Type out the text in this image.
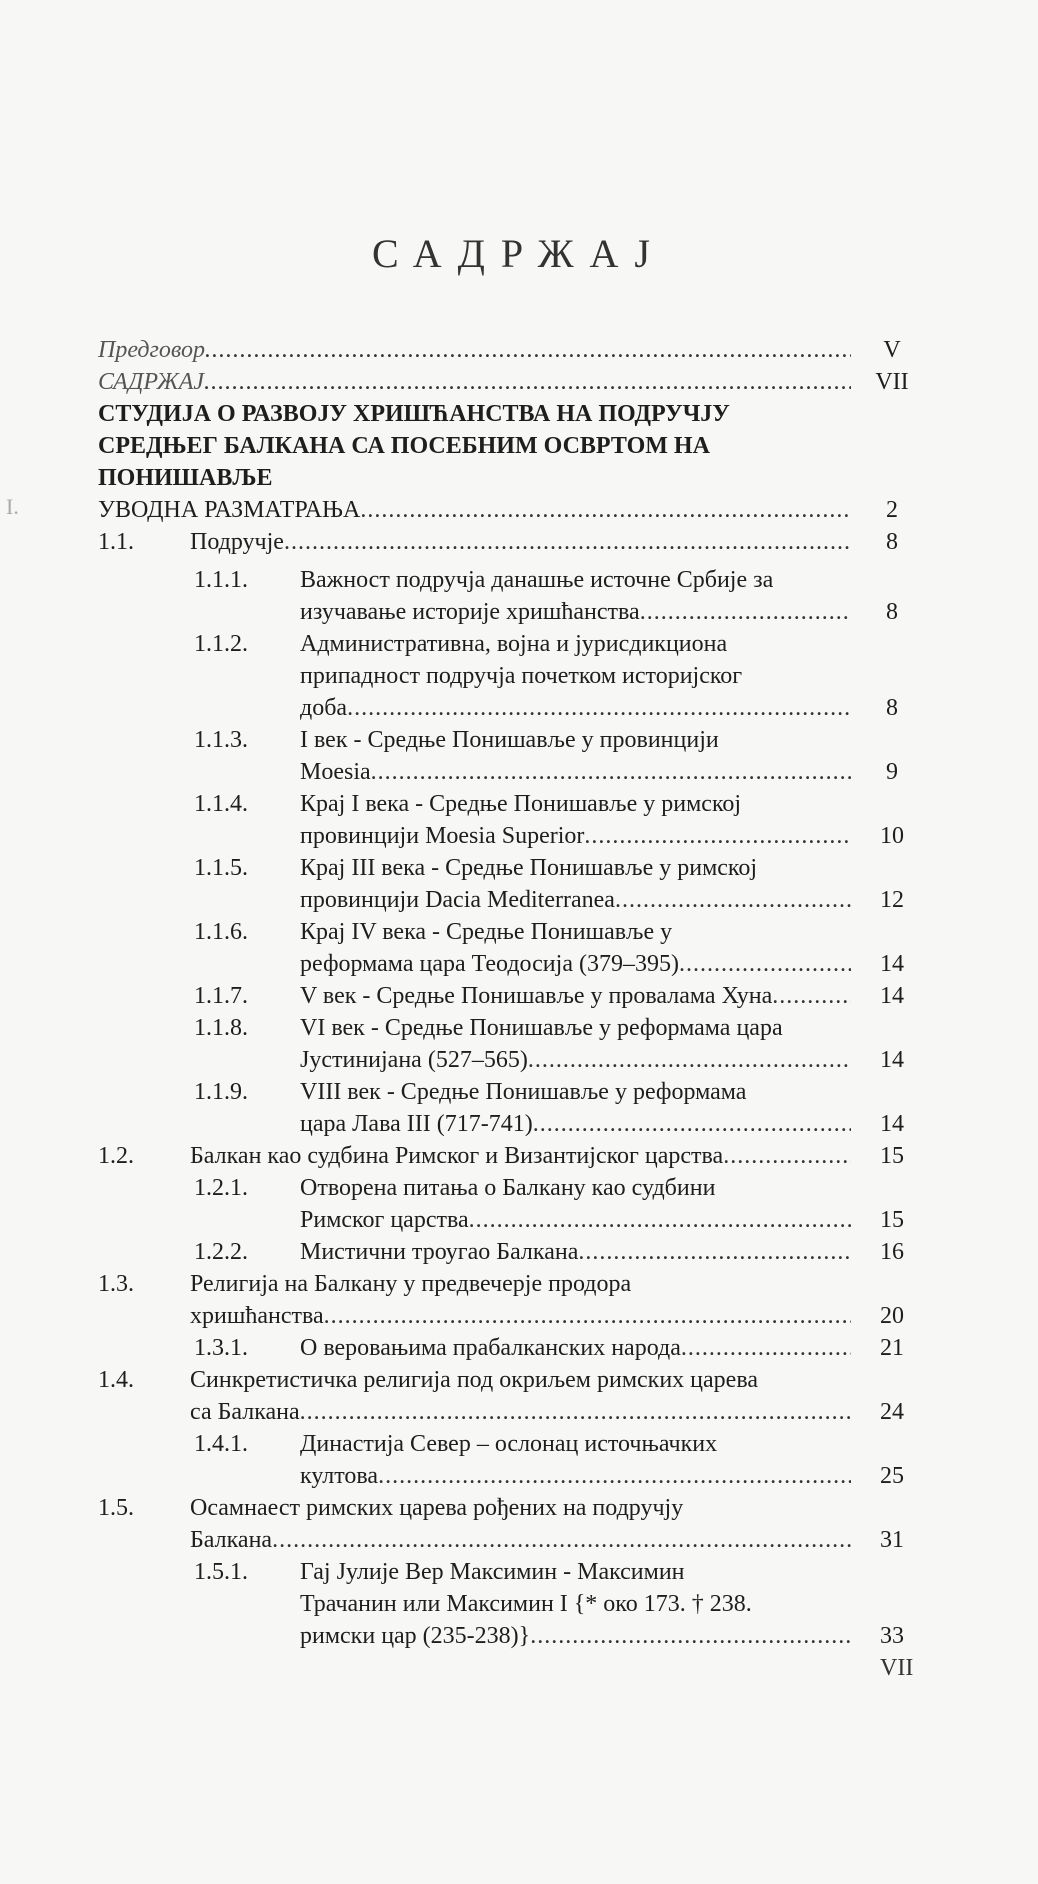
САДРЖАЈ
I.
Предговор .....	V
САДРЖАЈ .....	VII
СТУДИЈА О РАЗВОЈУ ХРИШЋАНСТВА НА ПОДРУЧЈУ
СРЕДЊЕГ БАЛКАНА СА ПОСЕБНИМ ОСВРТОМ НА
ПОНИШАВЉЕ
УВОДНА РАЗМАТРАЊА .....	2
1.1. Подручје .....	8
1.1.1. Важност подручја данашње источне Србије за
изучавање историје хришћанства .....	8
1.1.2. Административна, војна и јурисдикциона
припадност подручја почетком историјског
доба .....	8
1.1.3. I век - Средње Понишавље у провинцији
Moesia .....	9
1.1.4. Крај I века - Средње Понишавље у римској
провинцији Moesia Superior .....	10
1.1.5. Крај III века - Средње Понишавље у римској
провинцији Dacia Mediterranea .....	12
1.1.6. Крај IV века - Средње Понишавље у
реформама цара Теодосија (379–395) .....	14
1.1.7. V век - Средње Понишавље у провалама Хуна .....	14
1.1.8. VI век - Средње Понишавље у реформама цара
Јустинијана (527–565) .....	14
1.1.9. VIII век - Средње Понишавље у реформама
цара Лава III (717-741) .....	14
1.2. Балкан као судбина Римског и Византијског царства .....	15
1.2.1. Отворена питања о Балкану као судбини
Римског царства .....	15
1.2.2. Мистични троугао Балкана .....	16
1.3. Религија на Балкану у предвечерје продора
хришћанства .....	20
1.3.1. О веровањима прабалканских народа .....	21
1.4. Синкретистичка религија под окриљем римских царева
са Балкана .....	24
1.4.1. Династија Север – ослонац источњачких
култова .....	25
1.5. Осамнаест римских царева рођених на подручју
Балкана .....	31
1.5.1. Гај Јулије Вер Максимин - Максимин
Трачанин или Максимин I {* око 173. † 238.
римски цар (235-238)} .....	33
VII
